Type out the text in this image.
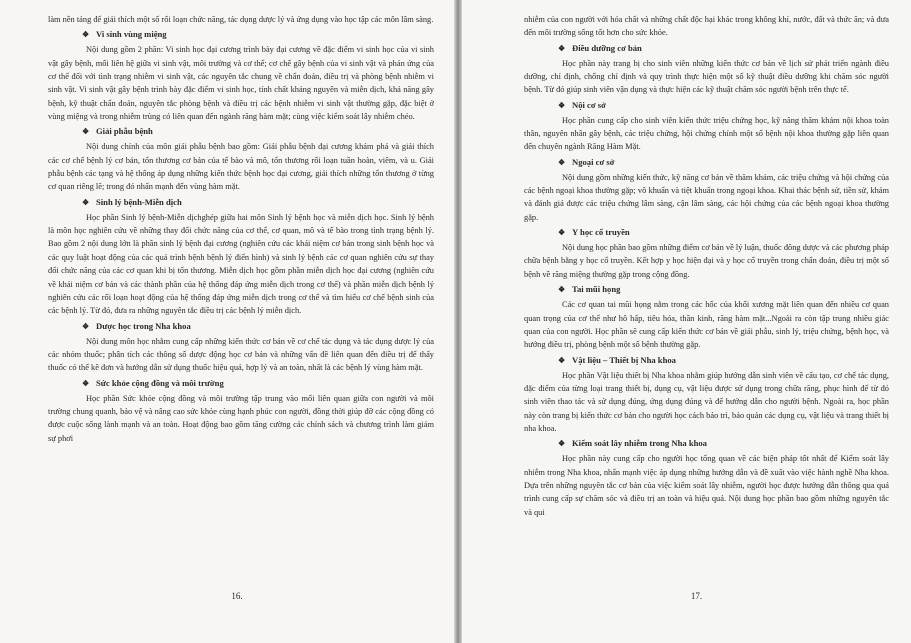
làm nền tảng để giải thích một số rối loạn chức năng, tác dụng dược lý và ứng dụng vào học tập các môn lâm sàng.

❖ Vi sinh vùng miệng

Nội dung gồm 2 phần: Vi sinh học đại cương trình bày đại cương về đặc điểm vi sinh học của vi sinh vật gây bệnh, mối liên hệ giữa vi sinh vật, môi trường và cơ thể; cơ chế gây bệnh của vi sinh vật và phản ứng của cơ thể đối với tình trạng nhiễm vi sinh vật, các nguyên tắc chung về chẩn đoán, điều trị và phòng bệnh nhiễm vi sinh vật. Vi sinh vật gây bệnh trình bày đặc điểm vi sinh học, tính chất kháng nguyên và miễn dịch, khả năng gây bệnh, kỹ thuật chẩn đoán, nguyên tắc phòng bệnh và điều trị các bệnh nhiễm vi sinh vật thường gặp, đặc biệt ở vùng miệng và trong nhiễm trùng có liên quan đến ngành răng hàm mặt; cùng việc kiểm soát lây nhiễm chéo.

❖ Giải phẫu bệnh

Nội dung chính của môn giải phẫu bệnh bao gồm: Giải phẫu bệnh đại cương khám phá và giải thích các cơ chế bệnh lý cơ bản, tổn thương cơ bản của tế bào và mô, tổn thương rối loạn tuần hoàn, viêm, và u. Giải phẫu bệnh các tạng và hệ thống áp dụng những kiến thức bệnh học đại cương, giải thích những tổn thương ở từng cơ quan riêng lẽ; trong đó nhấn mạnh đến vùng hàm mặt.

❖ Sinh lý bệnh-Miễn dịch

Học phần Sinh lý bệnh-Miễn dịchghép giữa hai môn Sinh lý bệnh học và miễn dịch học. Sinh lý bệnh là môn học nghiên cứu về những thay đổi chức năng của cơ thể, cơ quan, mô và tế bào trong tình trạng bệnh lý. Bao gồm 2 nội dung lớn là phần sinh lý bệnh đại cương (nghiên cứu các khái niệm cơ bản trong sinh bệnh học và các quy luật hoạt động của các quá trình bệnh bệnh lý điển hình) và sinh lý bệnh các cơ quan nghiên cứu sự thay đổi chức năng của các cơ quan khi bị tổn thương. Miễn dịch học gồm phần miễn dịch học đại cương (nghiên cứu về khái niệm cơ bản và các thành phần của hệ thống đáp ứng miễn dịch trong cơ thể) và phần miễn dịch bệnh lý nghiên cứu các rối loạn hoạt động của hệ thống đáp ứng miễn dịch trong cơ thể và tìm hiểu cơ chế bệnh sinh của các bệnh lý. Từ đó, đưa ra những nguyên tắc điều trị các bệnh lý miễn dịch.

❖ Dược học trong Nha khoa

Nội dung môn học nhằm cung cấp những kiến thức cơ bản về cơ chế tác dụng và tác dụng dược lý của các nhóm thuốc; phân tích các thông số dược động học cơ bản và những vấn đề liên quan đến điều trị để thấy thuốc có thể kê đơn và hướng dẫn sử dụng thuốc hiệu quả, hợp lý và an toàn, nhất là các bệnh lý vùng hàm mặt.

❖ Sức khỏe cộng đồng và môi trường

Học phần Sức khỏe cộng đồng và môi trường tập trung vào mối liên quan giữa con người và môi trường chung quanh, bảo vệ và nâng cao sức khỏe cùng hạnh phúc con người, đồng thời giúp đỡ các cộng đồng có được cuộc sống lành mạnh và an toàn. Hoạt động bao gồm tăng cường các chính sách và chương trình làm giảm sự phơi

16.

nhiễm của con người với hóa chất và những chất độc hại khác trong không khí, nước, đất và thức ăn; và đưa đến môi trường sống tốt hơn cho sức khỏe.

❖ Điều dưỡng cơ bản

Học phần này trang bị cho sinh viên những kiến thức cơ bản về lịch sử phát triển ngành điều dưỡng, chỉ định, chống chỉ định và quy trình thực hiện một số kỹ thuật điều dưỡng khi chăm sóc người bệnh. Từ đó giúp sinh viên vận dụng và thực hiện các kỹ thuật chăm sóc người bệnh trên thực tế.

❖ Nội cơ sở

Học phần cung cấp cho sinh viên kiến thức triệu chứng học, kỹ năng thăm khám nội khoa toàn thân, nguyên nhân gây bệnh, các triệu chứng, hội chứng chính một số bệnh nội khoa thường gặp liên quan đến chuyên ngành Răng Hàm Mặt.

❖ Ngoại cơ sở

Nội dung gồm những kiến thức, kỹ năng cơ bản về thăm khám, các triệu chứng và hội chứng của các bệnh ngoại khoa thường gặp; vô khuẩn và tiệt khuẩn trong ngoại khoa. Khai thác bệnh sử, tiền sử, khám và đánh giá được các triệu chứng lâm sàng, cận lâm sàng, các hội chứng của các bệnh ngoại khoa thường gặp.

❖ Y học cổ truyền

Nội dung học phần bao gồm những điểm cơ bản về lý luận, thuốc đông dược và các phương pháp chữa bệnh bằng y học cổ truyền. Kết hợp y học hiện đại và y học cổ truyền trong chẩn đoán, điều trị một số bệnh về răng miệng thường gặp trong cộng đồng.

❖ Tai mũi họng

Các cơ quan tai mũi họng nằm trong các hốc của khối xương mặt liên quan đến nhiều cơ quan quan trọng của cơ thể như hô hấp, tiêu hóa, thần kinh, răng hàm mặt...Ngoài ra còn tập trung nhiều giác quan của con người. Học phần sẽ cung cấp kiến thức cơ bản về giải phẫu, sinh lý, triệu chứng, bệnh học, và hướng điều trị, phòng bệnh một số bệnh thường gặp.

❖ Vật liệu – Thiết bị Nha khoa

Học phần Vật liệu thiết bị Nha khoa nhằm giúp hướng dẫn sinh viên về cấu tạo, cơ chế tác dụng, đặc điểm của từng loại trang thiết bị, dụng cụ, vật liệu được sử dụng trong chữa răng, phục hình để từ đó sinh viên thao tác và sử dụng đúng, ứng dụng đúng và để hướng dẫn cho người bệnh. Ngoài ra, học phần này còn trang bị kiến thức cơ bản cho người học cách bảo trì, bảo quản các dụng cụ, vật liệu và trang thiết bị nha khoa.

❖ Kiểm soát lây nhiễm trong Nha khoa

Học phần này cung cấp cho người học tổng quan về các biện pháp tốt nhất để Kiểm soát lây nhiễm trong Nha khoa, nhấn mạnh việc áp dụng những hướng dẫn và đề xuất vào việc hành nghề Nha khoa. Dựa trên những nguyên tắc cơ bản của việc kiểm soát lây nhiễm, người học được hướng dẫn thông qua quá trình cung cấp sự chăm sóc và điều trị an toàn và hiệu quả. Nội dung học phần bao gồm những nguyên tắc và qui

17.
